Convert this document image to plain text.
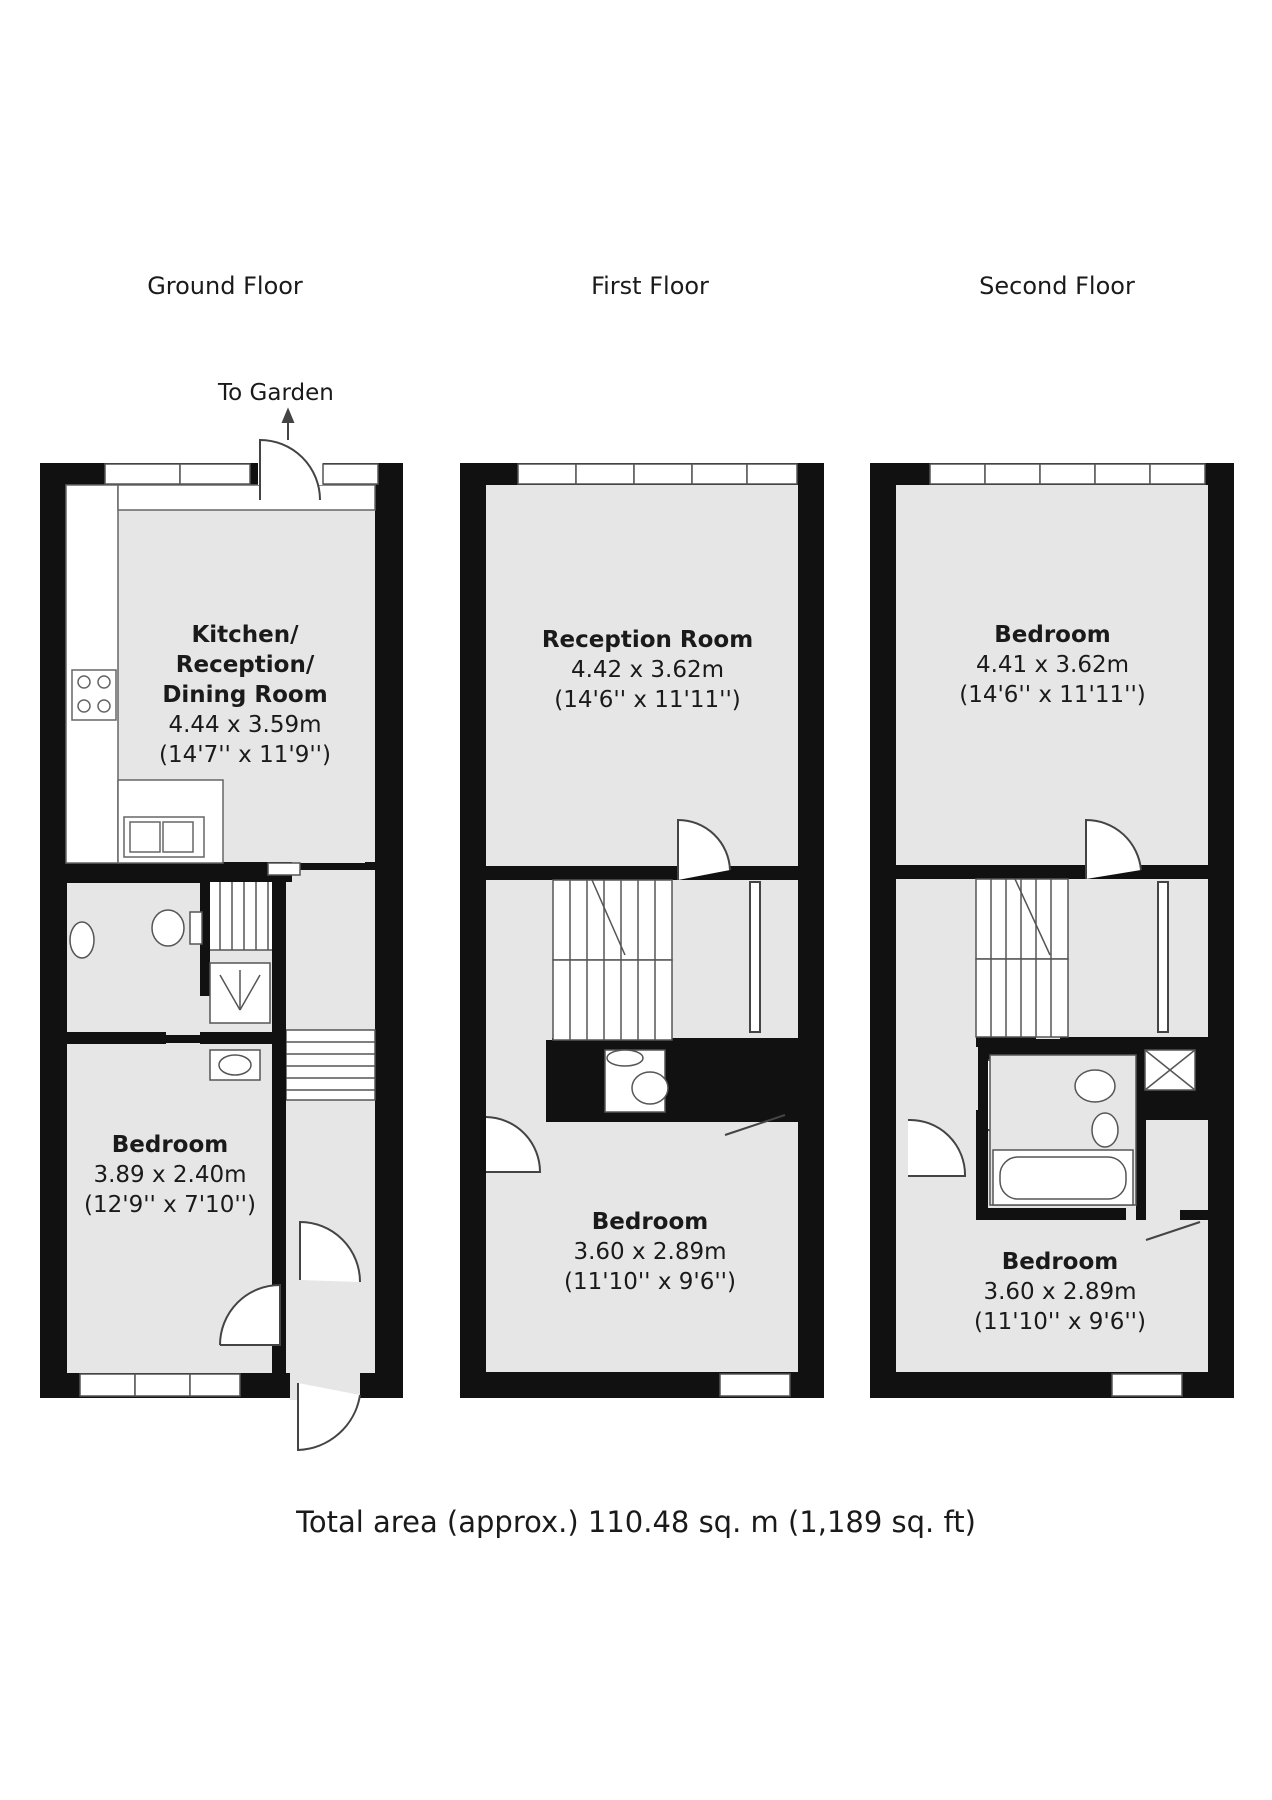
Ground Floor	First Floor	Second Floor
To Garden
Kitchen/
Reception/
Dining Room
4.44 x 3.59m
(14'7'' x 11'9'')
Bedroom
3.89 x 2.40m
(12'9'' x 7'10'')
Reception Room
4.42 x 3.62m
(14'6'' x 11'11'')
Bedroom
3.60 x 2.89m
(11'10'' x 9'6'')
Bedroom
4.41 x 3.62m
(14'6'' x 11'11'')
Bedroom
3.60 x 2.89m
(11'10'' x 9'6'')
Total area (approx.) 110.48 sq. m (1,189 sq. ft)
